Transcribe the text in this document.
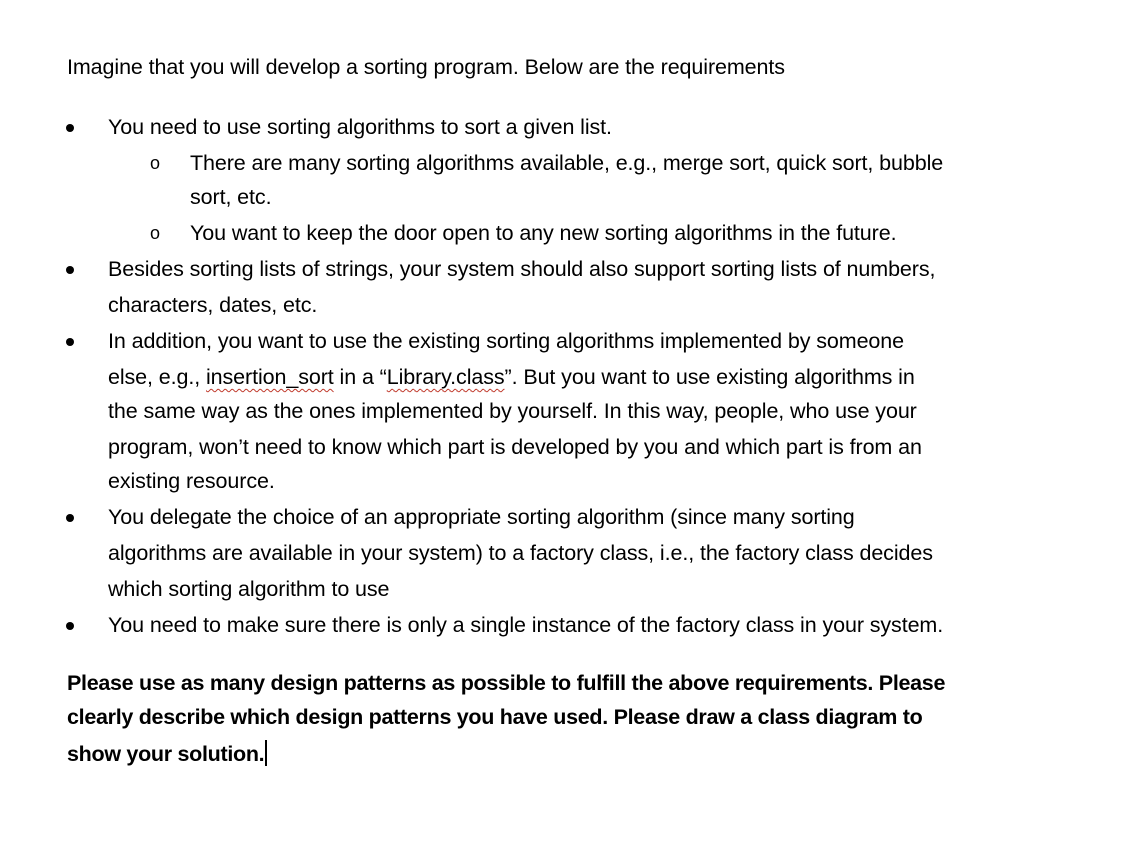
Imagine that you will develop a sorting program. Below are the requirements
You need to use sorting algorithms to sort a given list.
o There are many sorting algorithms available, e.g., merge sort, quick sort, bubble
sort, etc.
o You want to keep the door open to any new sorting algorithms in the future.
Besides sorting lists of strings, your system should also support sorting lists of numbers,
characters, dates, etc.
In addition, you want to use the existing sorting algorithms implemented by someone
else, e.g., insertion_sort in a “Library.class”. But you want to use existing algorithms in
the same way as the ones implemented by yourself. In this way, people, who use your
program, won’t need to know which part is developed by you and which part is from an
existing resource.
You delegate the choice of an appropriate sorting algorithm (since many sorting
algorithms are available in your system) to a factory class, i.e., the factory class decides
which sorting algorithm to use
You need to make sure there is only a single instance of the factory class in your system.
Please use as many design patterns as possible to fulfill the above requirements. Please
clearly describe which design patterns you have used. Please draw a class diagram to
show your solution.
